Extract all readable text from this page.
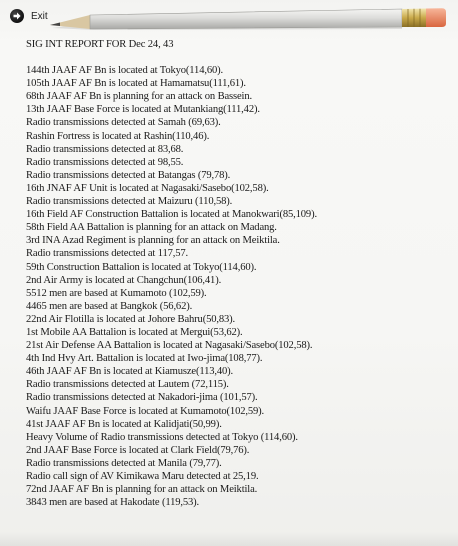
Exit
SIG INT REPORT FOR Dec 24, 43
144th JAAF AF Bn is located at Tokyo(114,60).
105th JAAF AF Bn is located at Hamamatsu(111,61).
68th JAAF AF Bn is planning for an attack on Bassein.
13th JAAF Base Force is located at Mutankiang(111,42).
Radio transmissions detected at Samah (69,63).
Rashin Fortress is located at Rashin(110,46).
Radio transmissions detected at 83,68.
Radio transmissions detected at 98,55.
Radio transmissions detected at Batangas (79,78).
16th JNAF AF Unit is located at Nagasaki/Sasebo(102,58).
Radio transmissions detected at Maizuru (110,58).
16th Field AF Construction Battalion is located at Manokwari(85,109).
58th Field AA Battalion is planning for an attack on Madang.
3rd INA Azad Regiment is planning for an attack on Meiktila.
Radio transmissions detected at 117,57.
59th Construction Battalion is located at Tokyo(114,60).
2nd Air Army is located at Changchun(106,41).
5512 men are based at Kumamoto (102,59).
4465 men are based at Bangkok (56,62).
22nd Air Flotilla is located at Johore Bahru(50,83).
1st Mobile AA Battalion is located at Mergui(53,62).
21st Air Defense AA Battalion is located at Nagasaki/Sasebo(102,58).
4th Ind Hvy Art. Battalion is located at Iwo-jima(108,77).
46th JAAF AF Bn is located at Kiamusze(113,40).
Radio transmissions detected at Lautem (72,115).
Radio transmissions detected at Nakadori-jima (101,57).
Waifu JAAF Base Force is located at Kumamoto(102,59).
41st JAAF AF Bn is located at Kalidjati(50,99).
Heavy Volume of Radio transmissions detected at Tokyo (114,60).
2nd JAAF Base Force is located at Clark Field(79,76).
Radio transmissions detected at Manila (79,77).
Radio call sign of AV Kimikawa Maru detected at 25,19.
72nd JAAF AF Bn is planning for an attack on Meiktila.
3843 men are based at Hakodate (119,53).
